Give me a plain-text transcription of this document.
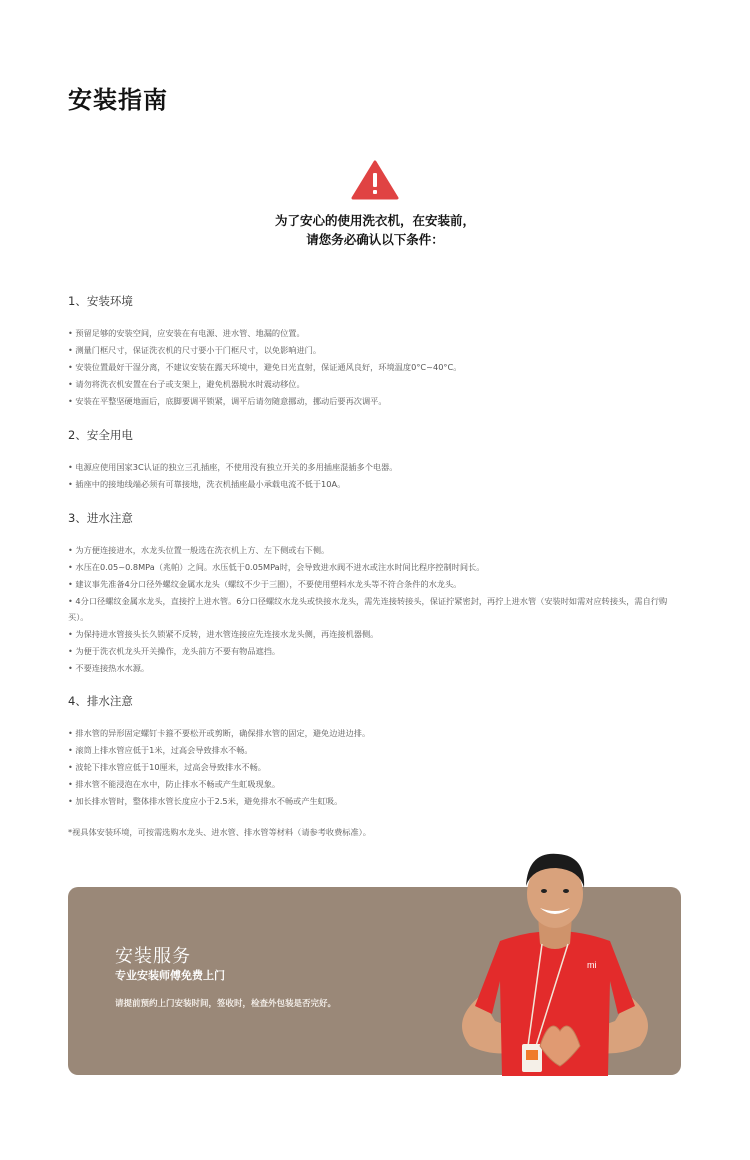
安装指南
为了安心的使用洗衣机，在安装前，
请您务必确认以下条件：
1、安装环境
• 预留足够的安装空间，应安装在有电源、进水管、地漏的位置。
• 测量门框尺寸，保证洗衣机的尺寸要小于门框尺寸，以免影响进门。
• 安装位置最好干湿分离，不建议安装在露天环境中，避免日光直射，保证通风良好，环境温度0°C~40°C。
• 请勿将洗衣机安置在台子或支架上，避免机器脱水时震动移位。
• 安装在平整坚硬地面后，底脚要调平锁紧，调平后请勿随意挪动，挪动后要再次调平。
2、安全用电
• 电源应使用国家3C认证的独立三孔插座，不使用没有独立开关的多用插座混插多个电器。
• 插座中的接地线端必须有可靠接地，洗衣机插座最小承载电流不低于10A。
3、进水注意
• 为方便连接进水，水龙头位置一般选在洗衣机上方、左下侧或右下侧。
• 水压在0.05~0.8MPa（兆帕）之间。水压低于0.05MPa时，会导致进水阀不进水或注水时间比程序控制时间长。
• 建议事先准备4分口径外螺纹金属水龙头（螺纹不少于三圈），不要使用塑料水龙头等不符合条件的水龙头。
• 4分口径螺纹金属水龙头，直接拧上进水管。6分口径螺纹水龙头或快接水龙头，需先连接转接头，保证拧紧密封，再拧上进水管（安装时如需对应转接头，需自行购买）。
• 为保持进水管接头长久锁紧不反转，进水管连接应先连接水龙头侧，再连接机器侧。
• 为便于洗衣机龙头开关操作，龙头前方不要有物品遮挡。
• 不要连接热水水源。
4、排水注意
• 排水管的异形固定螺钉卡箍不要松开或剪断，确保排水管的固定，避免边进边排。
• 滚筒上排水管应低于1米，过高会导致排水不畅。
• 波轮下排水管应低于10厘米，过高会导致排水不畅。
• 排水管不能浸泡在水中，防止排水不畅或产生虹吸现象。
• 加长排水管时，整体排水管长度应小于2.5米，避免排水不畅或产生虹吸。
*视具体安装环境，可按需选购水龙头、进水管、排水管等材料（请参考收费标准）。
安装服务
专业安装师傅免费上门
请提前预约上门安装时间，签收时，检查外包装是否完好。
mi
